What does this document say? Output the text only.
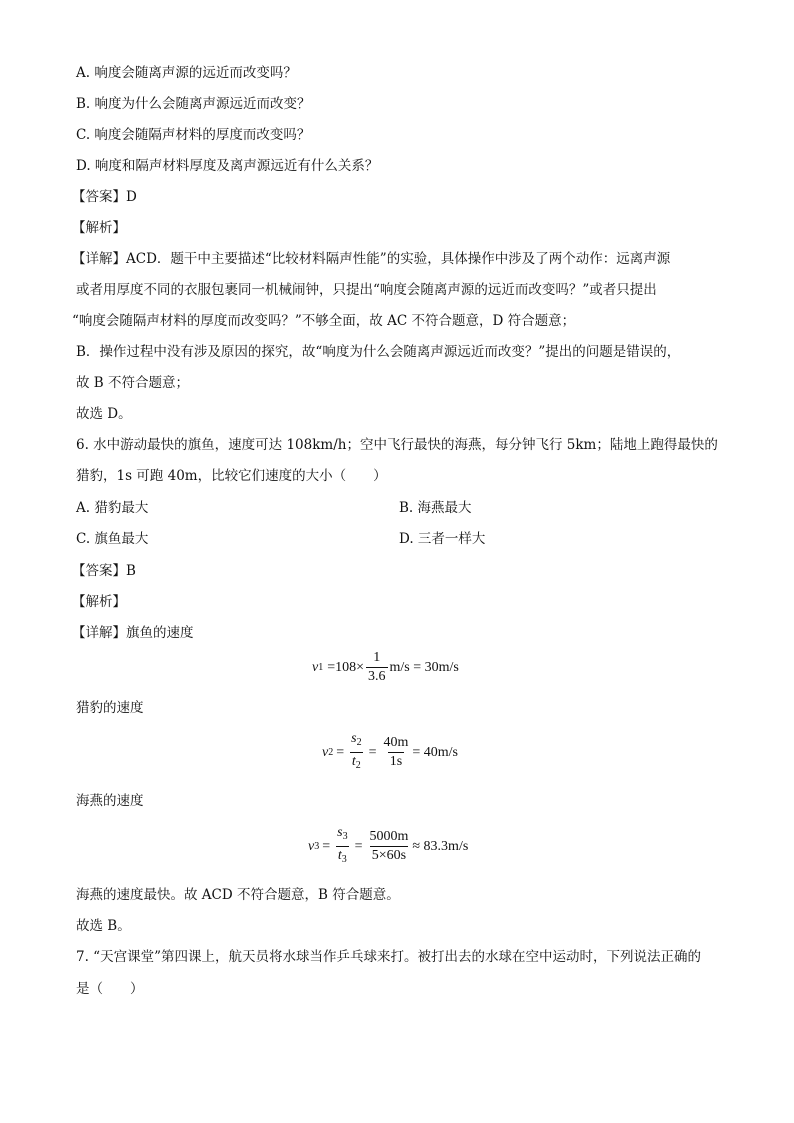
A. 响度会随离声源的远近而改变吗？
B. 响度为什么会随离声源远近而改变？
C. 响度会随隔声材料的厚度而改变吗？
D. 响度和隔声材料厚度及离声源远近有什么关系？
【答案】D
【解析】
【详解】ACD．题干中主要描述“比较材料隔声性能”的实验，具体操作中涉及了两个动作：远离声源
或者用厚度不同的衣服包裹同一机械闹钟，只提出“响度会随离声源的远近而改变吗？”或者只提出
“响度会随隔声材料的厚度而改变吗？”不够全面，故 AC 不符合题意，D 符合题意；
B．操作过程中没有涉及原因的探究，故“响度为什么会随离声源远近而改变？”提出的问题是错误的，
故 B 不符合题意；
故选 D。
6. 水中游动最快的旗鱼，速度可达 108km/h；空中飞行最快的海燕，每分钟飞行 5km；陆地上跑得最快的
猎豹，1s 可跑 40m，比较它们速度的大小（　　）
A. 猎豹最大	B. 海燕最大
C. 旗鱼最大	D. 三者一样大
【答案】B
【解析】
【详解】旗鱼的速度
v $1 =108\times \frac{1}{3.6} m/s = 30m/s$
猎豹的速度
v $2 = \frac{s_2}{t_2} = \frac{40m}{1s} = 40m/s$
海燕的速度
v $3 = \frac{s_3}{t_3} = \frac{5000m}{5\times 60s} \approx 83.3m/s$
海燕的速度最快。故 ACD 不符合题意，B 符合题意。
故选 B。
7. “天宫课堂”第四课上，航天员将水球当作乒乓球来打。被打出去的水球在空中运动时，下列说法正确的
是（　　）
